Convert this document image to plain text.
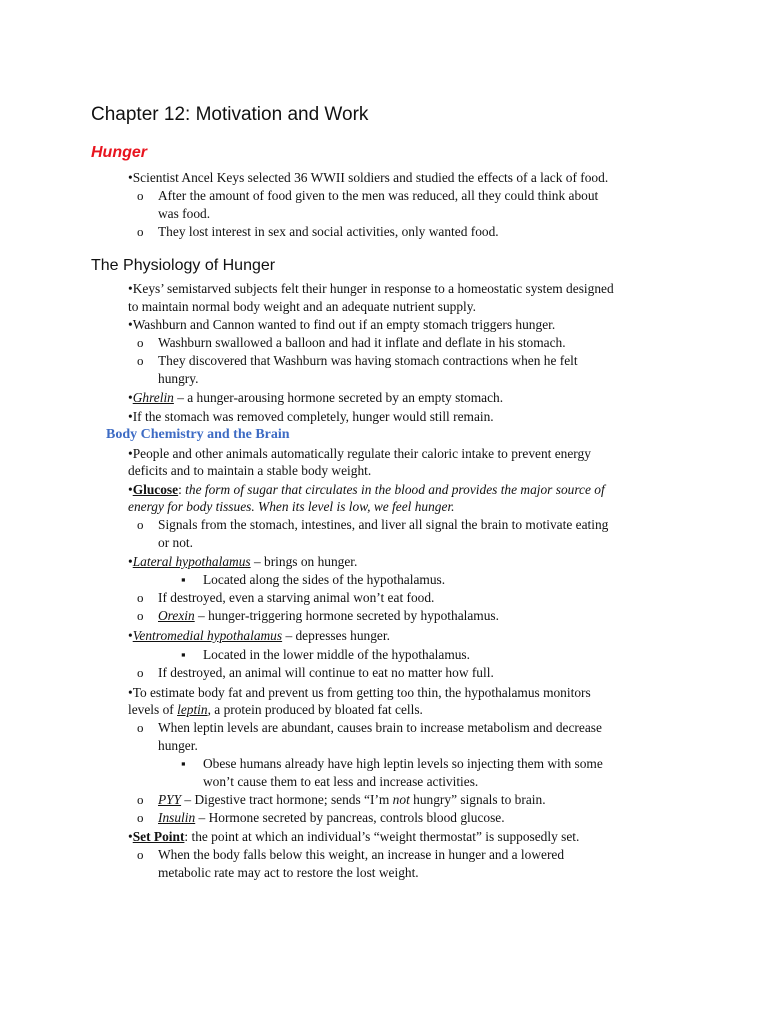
Chapter 12: Motivation and Work
Hunger
•Scientist Ancel Keys selected 36 WWII soldiers and studied the effects of a lack of food.
o After the amount of food given to the men was reduced, all they could think about
was food.
o They lost interest in sex and social activities, only wanted food.
The Physiology of Hunger
•Keys’ semistarved subjects felt their hunger in response to a homeostatic system designed
to maintain normal body weight and an adequate nutrient supply.
•Washburn and Cannon wanted to find out if an empty stomach triggers hunger.
o Washburn swallowed a balloon and had it inflate and deflate in his stomach.
o They discovered that Washburn was having stomach contractions when he felt
hungry.
•Ghrelin – a hunger-arousing hormone secreted by an empty stomach.
•If the stomach was removed completely, hunger would still remain.
Body Chemistry and the Brain
•People and other animals automatically regulate their caloric intake to prevent energy
deficits and to maintain a stable body weight.
•Glucose: the form of sugar that circulates in the blood and provides the major source of
energy for body tissues. When its level is low, we feel hunger.
o Signals from the stomach, intestines, and liver all signal the brain to motivate eating
or not.
•Lateral hypothalamus – brings on hunger.
▪ Located along the sides of the hypothalamus.
o If destroyed, even a starving animal won’t eat food.
o Orexin – hunger-triggering hormone secreted by hypothalamus.
•Ventromedial hypothalamus – depresses hunger.
▪ Located in the lower middle of the hypothalamus.
o If destroyed, an animal will continue to eat no matter how full.
•To estimate body fat and prevent us from getting too thin, the hypothalamus monitors
levels of leptin, a protein produced by bloated fat cells.
o When leptin levels are abundant, causes brain to increase metabolism and decrease
hunger.
▪ Obese humans already have high leptin levels so injecting them with some
won’t cause them to eat less and increase activities.
o PYY – Digestive tract hormone; sends “I’m not hungry” signals to brain.
o Insulin – Hormone secreted by pancreas, controls blood glucose.
•Set Point: the point at which an individual’s “weight thermostat” is supposedly set.
o When the body falls below this weight, an increase in hunger and a lowered
metabolic rate may act to restore the lost weight.
